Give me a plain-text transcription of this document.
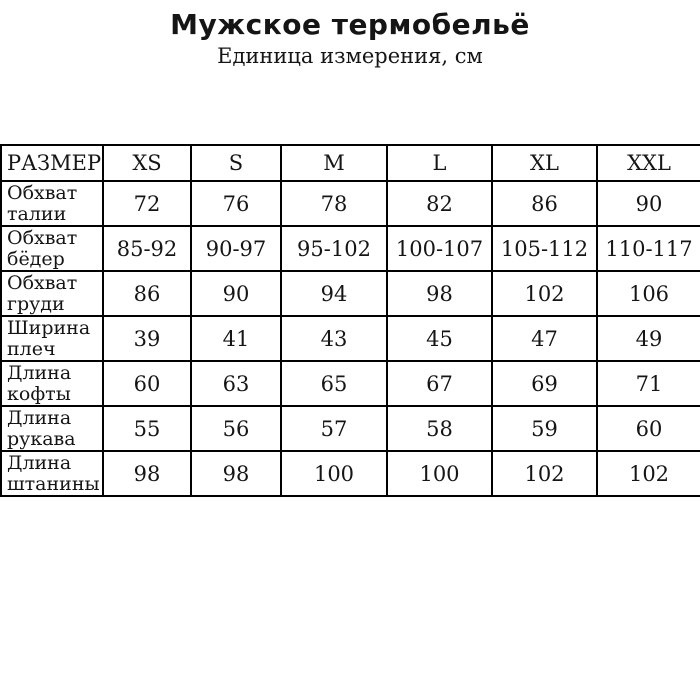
Мужское термобельё
Единица измерения, см
РАЗМЕР	XS	S	M	L	XL	XXL
Обхват талии	72	76	78	82	86	90
Обхват бёдер	85-92	90-97	95-102	100-107	105-112	110-117
Обхват груди	86	90	94	98	102	106
Ширина плеч	39	41	43	45	47	49
Длина кофты	60	63	65	67	69	71
Длина рукава	55	56	57	58	59	60
Длина штанины	98	98	100	100	102	102
